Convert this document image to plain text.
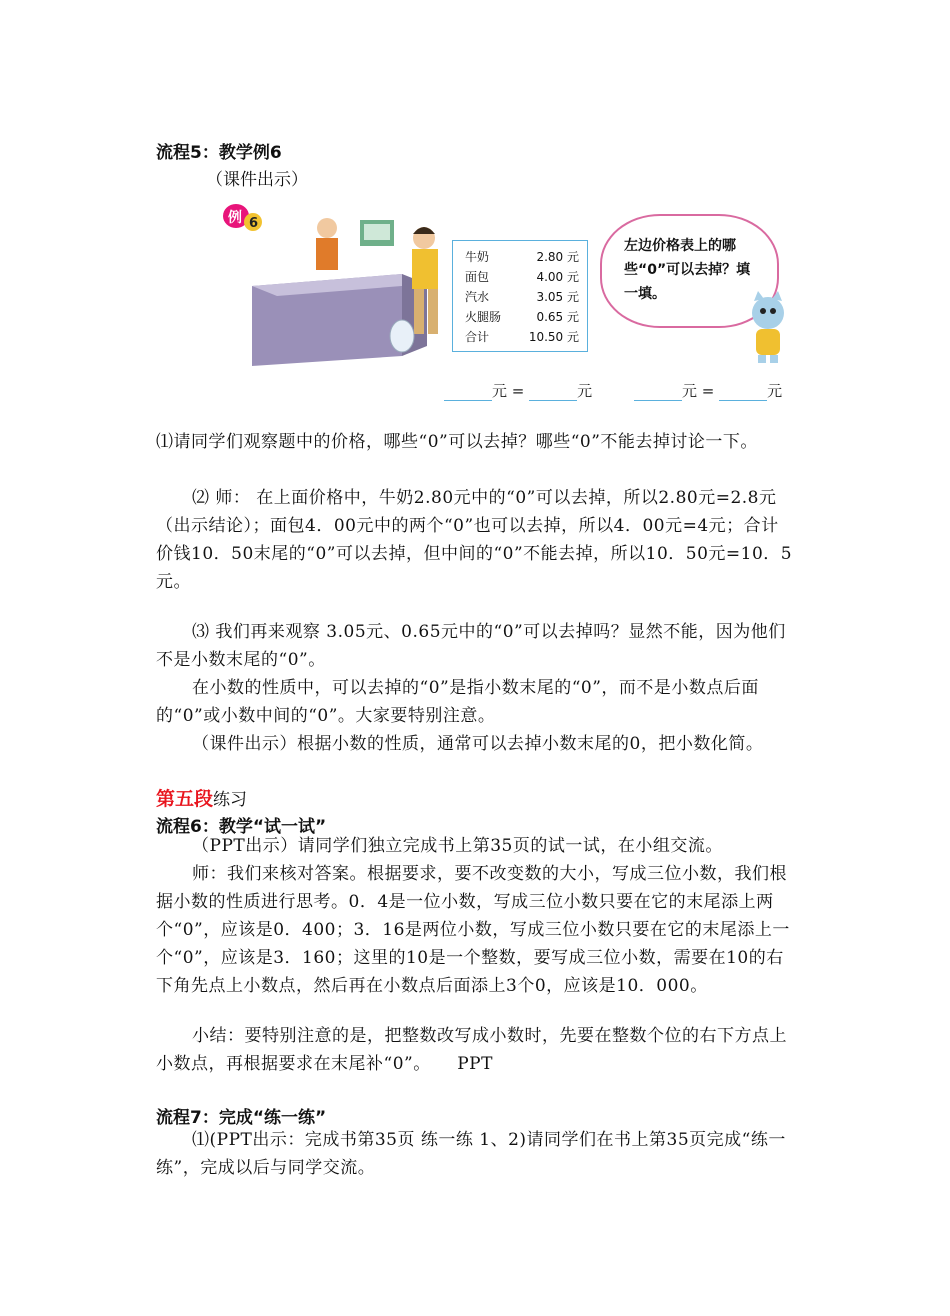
流程5：教学例6
（课件出示）
例 6
牛奶	2.80 元
面包	4.00 元
汽水	3.05 元
火腿肠	0.65 元
合计	10.50 元
左边价格表上的哪些“0”可以去掉？填一填。
元 =	元	元 =	元
⑴请同学们观察题中的价格，哪些“0”可以去掉？哪些“0”不能去掉讨论一下。
⑵ 师： 在上面价格中，牛奶2.80元中的“0”可以去掉，所以2.80元=2.8元（出示结论）；面包4．00元中的两个“0”也可以去掉，所以4．00元=4元；合计价钱10．50末尾的“0”可以去掉，但中间的“0”不能去掉，所以10．50元=10．5元。
⑶ 我们再来观察 3.05元、0.65元中的“0”可以去掉吗？显然不能，因为他们不是小数末尾的“0”。
在小数的性质中，可以去掉的“0”是指小数末尾的“0”，而不是小数点后面的“0”或小数中间的“0”。大家要特别注意。
（课件出示）根据小数的性质，通常可以去掉小数末尾的0，把小数化简。
第五段练习
流程6：教学“试一试”
（PPT出示）请同学们独立完成书上第35页的试一试，在小组交流。
师：我们来核对答案。根据要求，要不改变数的大小，写成三位小数，我们根据小数的性质进行思考。0．4是一位小数，写成三位小数只要在它的末尾添上两个“0”，应该是0．400；3．16是两位小数，写成三位小数只要在它的末尾添上一个“0”，应该是3．160；这里的10是一个整数，要写成三位小数，需要在10的右下角先点上小数点，然后再在小数点后面添上3个0，应该是10．000。
小结：要特别注意的是，把整数改写成小数时，先要在整数个位的右下方点上小数点，再根据要求在末尾补“0”。　　PPT
流程7：完成“练一练”
⑴(PPT出示：完成书第35页 练一练 1、2)请同学们在书上第35页完成“练一练”，完成以后与同学交流。
